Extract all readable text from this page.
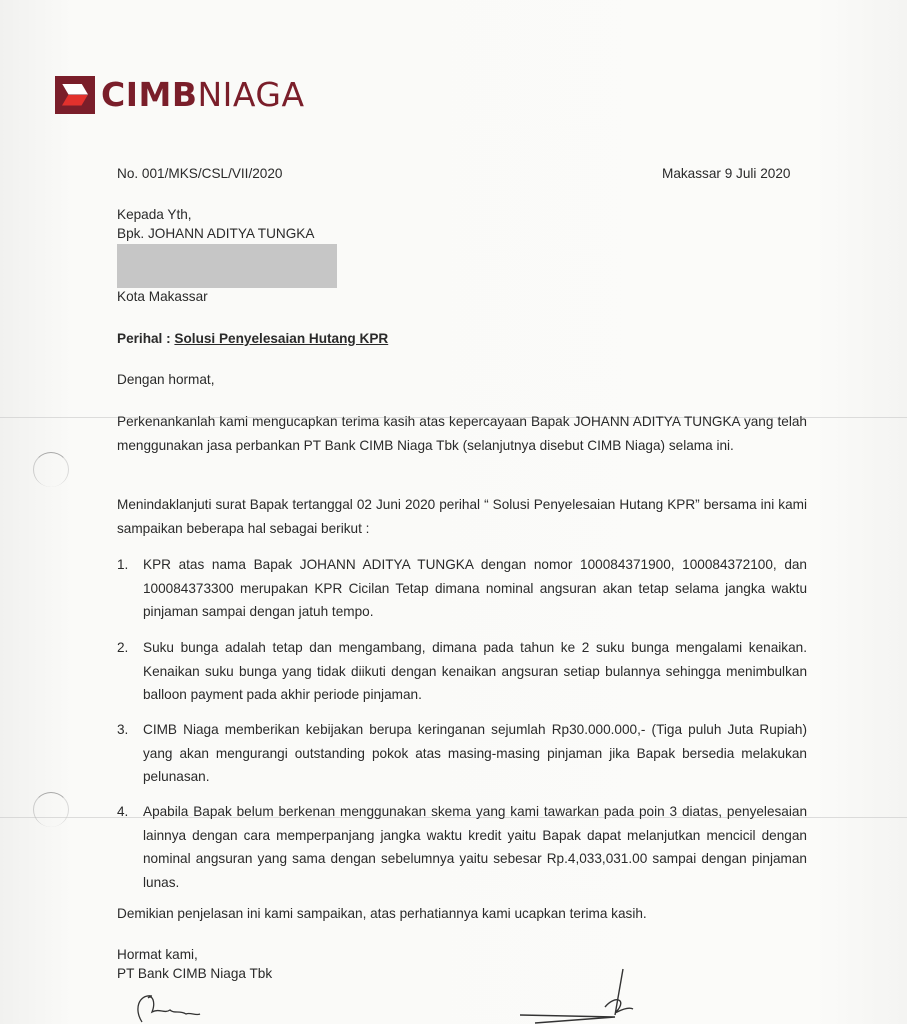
CIMBNIAGA
No. 001/MKS/CSL/VII/2020	Makassar 9 Juli 2020
Kepada Yth,
Bpk. JOHANN ADITYA TUNGKA
Kota Makassar
Perihal : Solusi Penyelesaian Hutang KPR
Dengan hormat,
Perkenankanlah kami mengucapkan terima kasih atas kepercayaan Bapak JOHANN ADITYA TUNGKA yang telah menggunakan jasa perbankan PT Bank CIMB Niaga Tbk (selanjutnya disebut CIMB Niaga) selama ini.
Menindaklanjuti surat Bapak tertanggal 02 Juni 2020 perihal “ Solusi Penyelesaian Hutang KPR” bersama ini kami sampaikan beberapa hal sebagai berikut :
1. KPR atas nama Bapak JOHANN ADITYA TUNGKA dengan nomor 100084371900, 100084372100, dan 100084373300 merupakan KPR Cicilan Tetap dimana nominal angsuran akan tetap selama jangka waktu pinjaman sampai dengan jatuh tempo.
2. Suku bunga adalah tetap dan mengambang, dimana pada tahun ke 2 suku bunga mengalami kenaikan. Kenaikan suku bunga yang tidak diikuti dengan kenaikan angsuran setiap bulannya sehingga menimbulkan balloon payment pada akhir periode pinjaman.
3. CIMB Niaga memberikan kebijakan berupa keringanan sejumlah Rp30.000.000,- (Tiga puluh Juta Rupiah) yang akan mengurangi outstanding pokok atas masing-masing pinjaman jika Bapak bersedia melakukan pelunasan.
4. Apabila Bapak belum berkenan menggunakan skema yang kami tawarkan pada poin 3 diatas, penyelesaian lainnya dengan cara memperpanjang jangka waktu kredit yaitu Bapak dapat melanjutkan mencicil dengan nominal angsuran yang sama dengan sebelumnya yaitu sebesar Rp.4,033,031.00 sampai dengan pinjaman lunas.
Demikian penjelasan ini kami sampaikan, atas perhatiannya kami ucapkan terima kasih.
Hormat kami,
PT Bank CIMB Niaga Tbk
